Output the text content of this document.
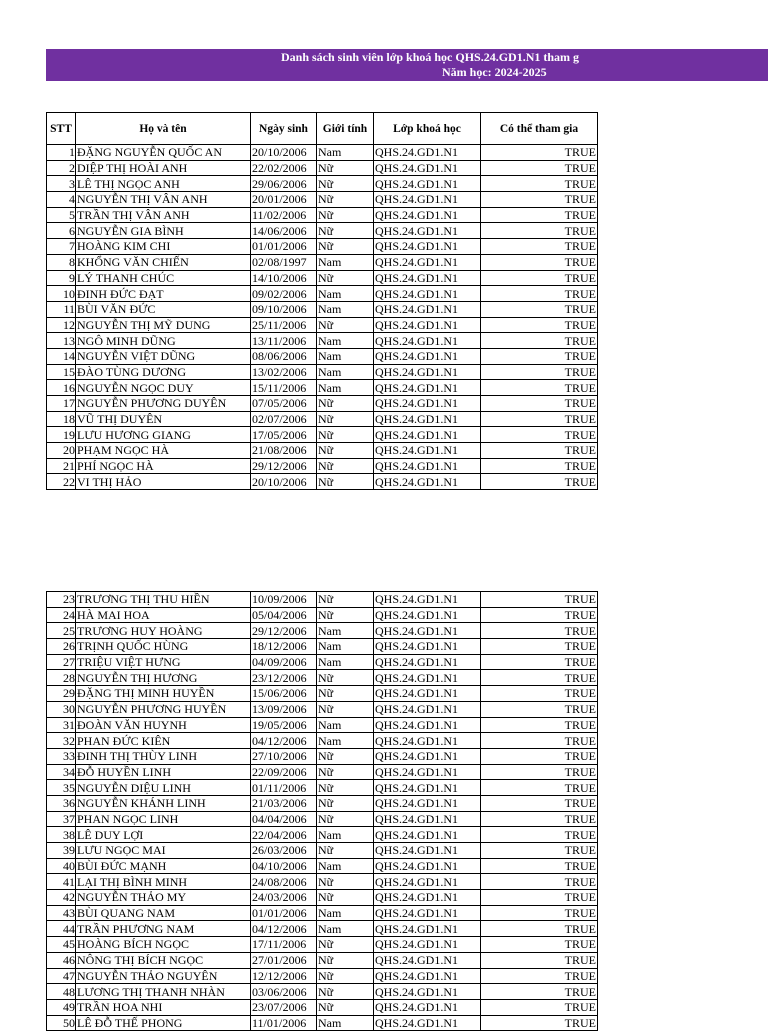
Danh sách sinh viên lớp khoá học QHS.24.GD1.N1 tham g
Năm học: 2024-2025
STT	Họ và tên	Ngày sinh	Giới tính	Lớp khoá học	Có thể tham gia
1	ĐẶNG NGUYỄN QUỐC AN	20/10/2006	Nam	QHS.24.GD1.N1	TRUE
2	DIỆP THỊ HOÀI ANH	22/02/2006	Nữ	QHS.24.GD1.N1	TRUE
3	LÊ THỊ NGỌC ANH	29/06/2006	Nữ	QHS.24.GD1.N1	TRUE
4	NGUYỄN THỊ VÂN ANH	20/01/2006	Nữ	QHS.24.GD1.N1	TRUE
5	TRẦN THỊ VÂN ANH	11/02/2006	Nữ	QHS.24.GD1.N1	TRUE
6	NGUYỄN GIA BÌNH	14/06/2006	Nữ	QHS.24.GD1.N1	TRUE
7	HOÀNG KIM CHI	01/01/2006	Nữ	QHS.24.GD1.N1	TRUE
8	KHỔNG VĂN CHIẾN	02/08/1997	Nam	QHS.24.GD1.N1	TRUE
9	LÝ THANH CHÚC	14/10/2006	Nữ	QHS.24.GD1.N1	TRUE
10	ĐINH ĐỨC ĐẠT	09/02/2006	Nam	QHS.24.GD1.N1	TRUE
11	BÙI VĂN ĐỨC	09/10/2006	Nam	QHS.24.GD1.N1	TRUE
12	NGUYỄN THỊ MỸ DUNG	25/11/2006	Nữ	QHS.24.GD1.N1	TRUE
13	NGÔ MINH DŨNG	13/11/2006	Nam	QHS.24.GD1.N1	TRUE
14	NGUYỄN VIỆT DŨNG	08/06/2006	Nam	QHS.24.GD1.N1	TRUE
15	ĐÀO TÙNG DƯƠNG	13/02/2006	Nam	QHS.24.GD1.N1	TRUE
16	NGUYỄN NGỌC DUY	15/11/2006	Nam	QHS.24.GD1.N1	TRUE
17	NGUYỄN PHƯƠNG DUYÊN	07/05/2006	Nữ	QHS.24.GD1.N1	TRUE
18	VŨ THỊ DUYÊN	02/07/2006	Nữ	QHS.24.GD1.N1	TRUE
19	LƯU HƯƠNG GIANG	17/05/2006	Nữ	QHS.24.GD1.N1	TRUE
20	PHẠM NGỌC HÀ	21/08/2006	Nữ	QHS.24.GD1.N1	TRUE
21	PHÍ NGỌC HÀ	29/12/2006	Nữ	QHS.24.GD1.N1	TRUE
22	VI THỊ HẢO	20/10/2006	Nữ	QHS.24.GD1.N1	TRUE
23	TRƯƠNG THỊ THU HIỀN	10/09/2006	Nữ	QHS.24.GD1.N1	TRUE
24	HÀ MAI HOA	05/04/2006	Nữ	QHS.24.GD1.N1	TRUE
25	TRƯƠNG HUY HOÀNG	29/12/2006	Nam	QHS.24.GD1.N1	TRUE
26	TRỊNH QUỐC HÙNG	18/12/2006	Nam	QHS.24.GD1.N1	TRUE
27	TRIỆU VIỆT HƯNG	04/09/2006	Nam	QHS.24.GD1.N1	TRUE
28	NGUYỄN THỊ HƯƠNG	23/12/2006	Nữ	QHS.24.GD1.N1	TRUE
29	ĐẶNG THỊ MINH HUYỀN	15/06/2006	Nữ	QHS.24.GD1.N1	TRUE
30	NGUYỄN PHƯƠNG HUYỀN	13/09/2006	Nữ	QHS.24.GD1.N1	TRUE
31	ĐOÀN VĂN HUYNH	19/05/2006	Nam	QHS.24.GD1.N1	TRUE
32	PHAN ĐỨC KIÊN	04/12/2006	Nam	QHS.24.GD1.N1	TRUE
33	ĐINH THỊ THÙY LINH	27/10/2006	Nữ	QHS.24.GD1.N1	TRUE
34	ĐỖ HUYỀN LINH	22/09/2006	Nữ	QHS.24.GD1.N1	TRUE
35	NGUYỄN DIỆU LINH	01/11/2006	Nữ	QHS.24.GD1.N1	TRUE
36	NGUYỄN KHÁNH LINH	21/03/2006	Nữ	QHS.24.GD1.N1	TRUE
37	PHAN NGỌC LINH	04/04/2006	Nữ	QHS.24.GD1.N1	TRUE
38	LÊ DUY LỢI	22/04/2006	Nam	QHS.24.GD1.N1	TRUE
39	LƯU NGỌC MAI	26/03/2006	Nữ	QHS.24.GD1.N1	TRUE
40	BÙI ĐỨC MẠNH	04/10/2006	Nam	QHS.24.GD1.N1	TRUE
41	LẠI THỊ BÌNH MINH	24/08/2006	Nữ	QHS.24.GD1.N1	TRUE
42	NGUYỄN THẢO MY	24/03/2006	Nữ	QHS.24.GD1.N1	TRUE
43	BÙI QUANG NAM	01/01/2006	Nam	QHS.24.GD1.N1	TRUE
44	TRẦN PHƯƠNG NAM	04/12/2006	Nam	QHS.24.GD1.N1	TRUE
45	HOÀNG BÍCH NGỌC	17/11/2006	Nữ	QHS.24.GD1.N1	TRUE
46	NÔNG THỊ BÍCH NGỌC	27/01/2006	Nữ	QHS.24.GD1.N1	TRUE
47	NGUYỄN THẢO NGUYÊN	12/12/2006	Nữ	QHS.24.GD1.N1	TRUE
48	LƯƠNG THỊ THANH NHÀN	03/06/2006	Nữ	QHS.24.GD1.N1	TRUE
49	TRẦN HOA NHI	23/07/2006	Nữ	QHS.24.GD1.N1	TRUE
50	LÊ ĐỖ THẾ PHONG	11/01/2006	Nam	QHS.24.GD1.N1	TRUE
